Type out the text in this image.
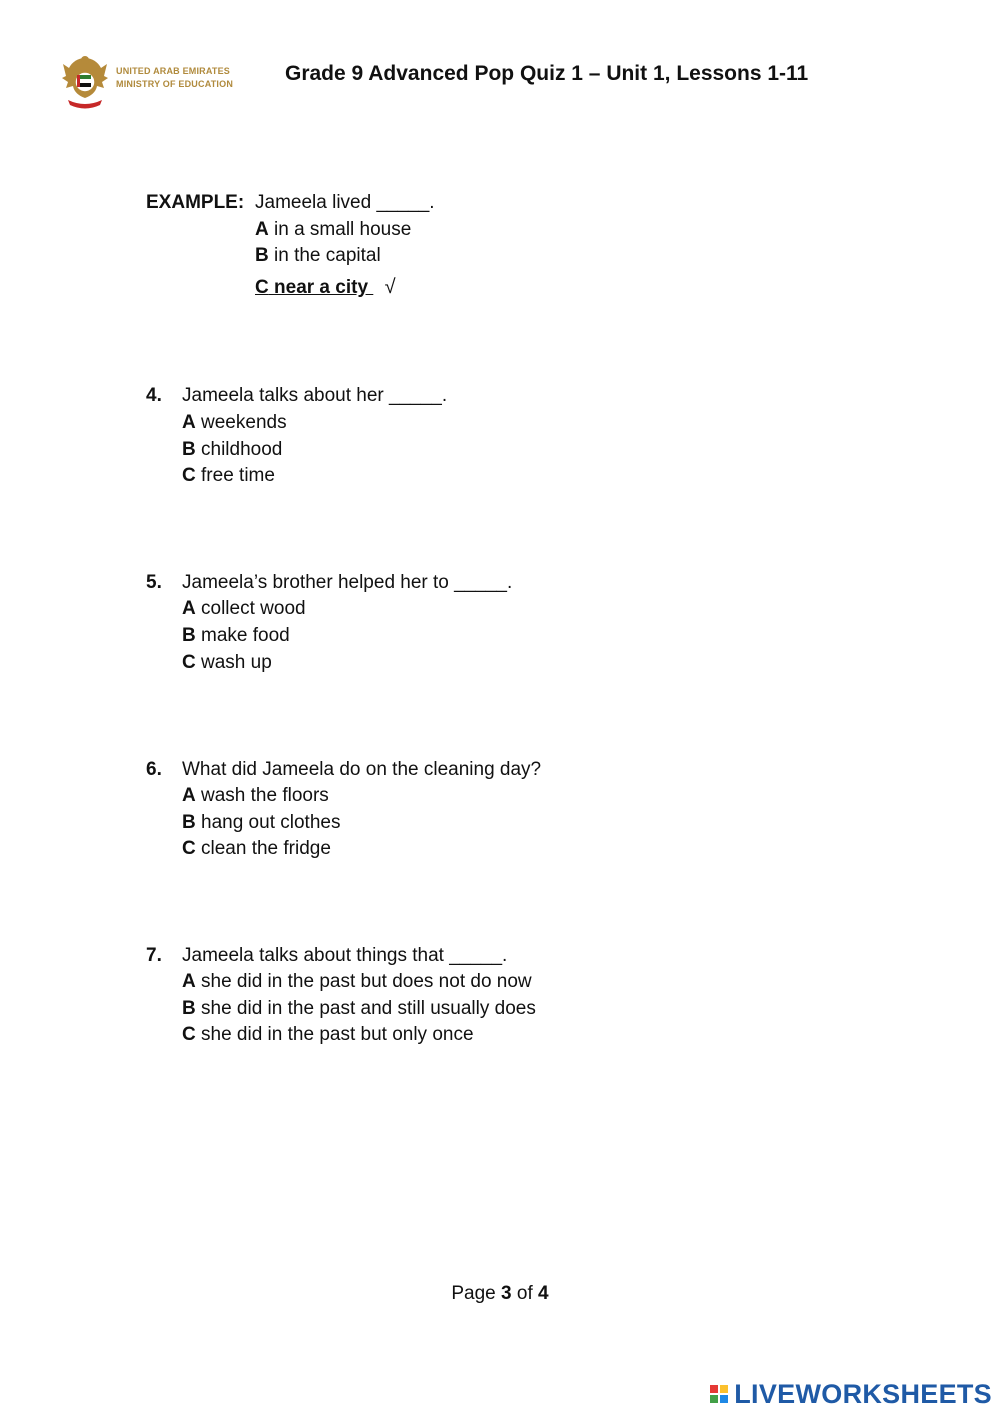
UNITED ARAB EMIRATES
MINISTRY OF EDUCATION Grade 9 Advanced Pop Quiz 1 – Unit 1, Lessons 1-11
EXAMPLE: Jameela lived _____.
A in a small house
B in the capital
C near a city √
4. Jameela talks about her _____.
A weekends
B childhood
C free time
5. Jameela’s brother helped her to _____.
A collect wood
B make food
C wash up
6. What did Jameela do on the cleaning day?
A wash the floors
B hang out clothes
C clean the fridge
7. Jameela talks about things that _____.
A she did in the past but does not do now
B she did in the past and still usually does
C she did in the past but only once
Page 3 of 4

LIVEWORKSHEETS
